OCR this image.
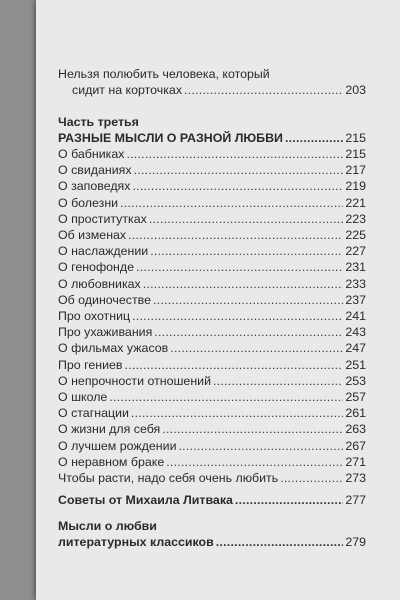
Нельзя полюбить человека, который
сидит на корточках . . .	203
Часть третья
РАЗНЫЕ МЫСЛИ О РАЗНОЙ ЛЮБВИ . . .	215
О бабниках . . .	215
О свиданиях . . .	217
О заповедях . . .	219
О болезни . . .	221
О проститутках . . .	223
Об изменах . . .	225
О наслаждении . . .	227
О генофонде . . .	231
О любовниках . . .	233
Об одиночестве . . .	237
Про охотниц . . .	241
Про ухаживания . . .	243
О фильмах ужасов . . .	247
Про гениев . . .	251
О непрочности отношений . . .	253
О школе . . .	257
О стагнации . . .	261
О жизни для себя . . .	263
О лучшем рождении . . .	267
О неравном браке . . .	271
Чтобы расти, надо себя очень любить . . .	273
Советы от Михаила Литвака . . .	277
Мысли о любви
литературных классиков . . .	279
